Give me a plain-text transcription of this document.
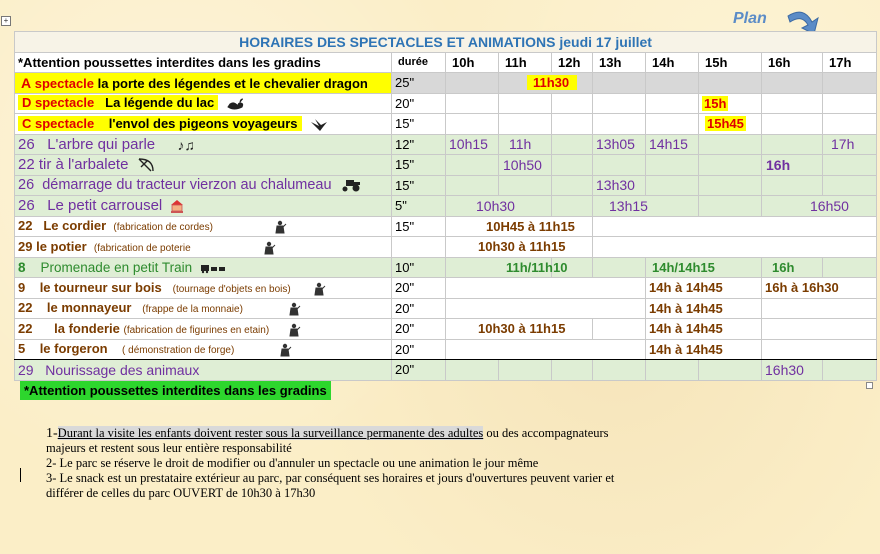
+	Plan
HORAIRES DES SPECTACLES ET ANIMATIONS jeudi 17 juillet										
*Attention poussettes interdites dans les gradins	durée	10h	11h	12h	13h	14h	15h	16h	17h	
A spectacle la porte des légendes et le chevalier dragon	25"		11h30							
D spectacle La légende du lac	20"						15h			
C spectacle l'envol des pigeons voyageurs	15"						15h45			
26 L'arbre qui parle ♪♫	12"	10h15	11h		13h05	14h15			17h	
22 tir à l'arbalete	15"		10h50					16h		
26 démarrage du tracteur vierzon au chalumeau	15"				13h30					
26 Le petit carrousel	5"	10h30			13h15			16h50		
22 Le cordier (fabrication de cordes)	15"	10H45 à 11h15								
29 le potier (fabrication de poterie		10h30 à 11h15								
8 Promenade en petit Train	10"	11h/11h10				14h/14h15		16h		
9 le tourneur sur bois (tournage d'objets en bois)	20"					14h à 14h45		16h à 16h30		
22 le monnayeur (frappe de la monnaie)	20"					14h à 14h45				
22 la fonderie (fabrication de figurines en etain)	20"	10h30 à 11h15				14h à 14h45				
5 le forgeron ( démonstration de forge)	20"					14h à 14h45				
29 Nourissage des animaux	20"							16h30		
*Attention poussettes interdites dans les gradins
1-Durant la visite les enfants doivent rester sous la surveillance permanente des adultes ou des accompagnateurs
majeurs et restent sous leur entière responsabilité
2- Le parc se réserve le droit de modifier ou d'annuler un spectacle ou une animation le jour même
3- Le snack est un prestataire extérieur au parc, par conséquent ses horaires et jours d'ouvertures peuvent varier et
différer de celles du parc OUVERT de 10h30 à 17h30
